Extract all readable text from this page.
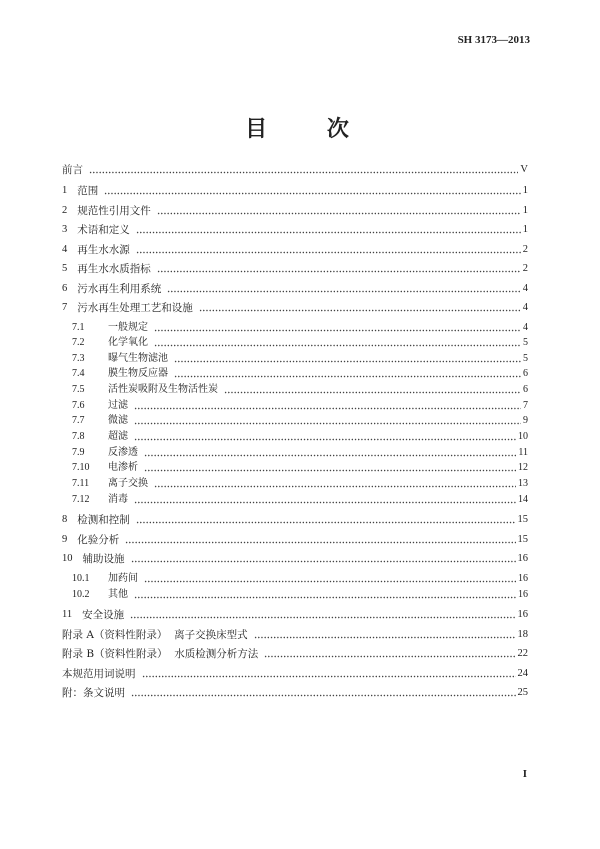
SH 3173—2013
目 次
前言	V
1 范围	1
2 规范性引用文件	1
3 术语和定义	1
4 再生水水源	2
5 再生水水质指标	2
6 污水再生利用系统	4
7 污水再生处理工艺和设施	4
7.1	一般规定	4
7.2	化学氧化	5
7.3	曝气生物滤池	5
7.4	膜生物反应器	6
7.5	活性炭吸附及生物活性炭	6
7.6	过滤	7
7.7	微滤	9
7.8	超滤	10
7.9	反渗透	11
7.10	电渗析	12
7.11	离子交换	13
7.12	消毒	14
8 检测和控制	15
9 化验分析	15
10 辅助设施	16
10.1	加药间	16
10.2	其他	16
11 安全设施	16
附录 A（资料性附录）  离子交换床型式	18
附录 B（资料性附录）  水质检测分析方法	22
本规范用词说明	24
附：条文说明	25
I
